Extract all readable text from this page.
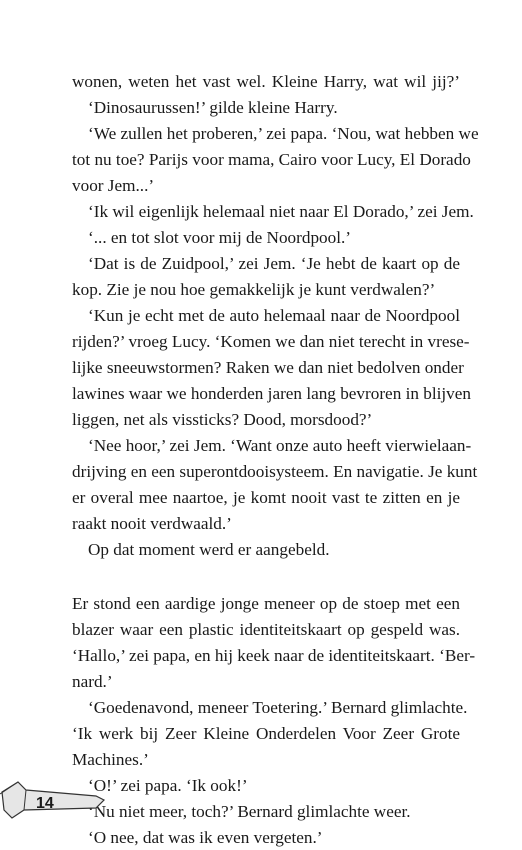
wonen, weten het vast wel. Kleine Harry, wat wil jij?’
‘Dinosaurussen!’ gilde kleine Harry.
‘We zullen het proberen,’ zei papa. ‘Nou, wat hebben we
tot nu toe? Parijs voor mama, Cairo voor Lucy, El Dorado
voor Jem...’
‘Ik wil eigenlijk helemaal niet naar El Dorado,’ zei Jem.
‘... en tot slot voor mij de Noordpool.’
‘Dat is de Zuidpool,’ zei Jem. ‘Je hebt de kaart op de
kop. Zie je nou hoe gemakkelijk je kunt verdwalen?’
‘Kun je echt met de auto helemaal naar de Noordpool
rijden?’ vroeg Lucy. ‘Komen we dan niet terecht in vrese-
lijke sneeuwstormen? Raken we dan niet bedolven onder
lawines waar we honderden jaren lang bevroren in blijven
liggen, net als vissticks? Dood, morsdood?’
‘Nee hoor,’ zei Jem. ‘Want onze auto heeft vierwielaan-
drijving en een superontdooisysteem. En navigatie. Je kunt
er overal mee naartoe, je komt nooit vast te zitten en je
raakt nooit verdwaald.’
Op dat moment werd er aangebeld.
Er stond een aardige jonge meneer op de stoep met een
blazer waar een plastic identiteitskaart op gespeld was.
‘Hallo,’ zei papa, en hij keek naar de identiteitskaart. ‘Ber-
nard.’
‘Goedenavond, meneer Toetering.’ Bernard glimlachte.
‘Ik werk bij Zeer Kleine Onderdelen Voor Zeer Grote
Machines.’
‘O!’ zei papa. ‘Ik ook!’
‘Nu niet meer, toch?’ Bernard glimlachte weer.
‘O nee, dat was ik even vergeten.’
14
